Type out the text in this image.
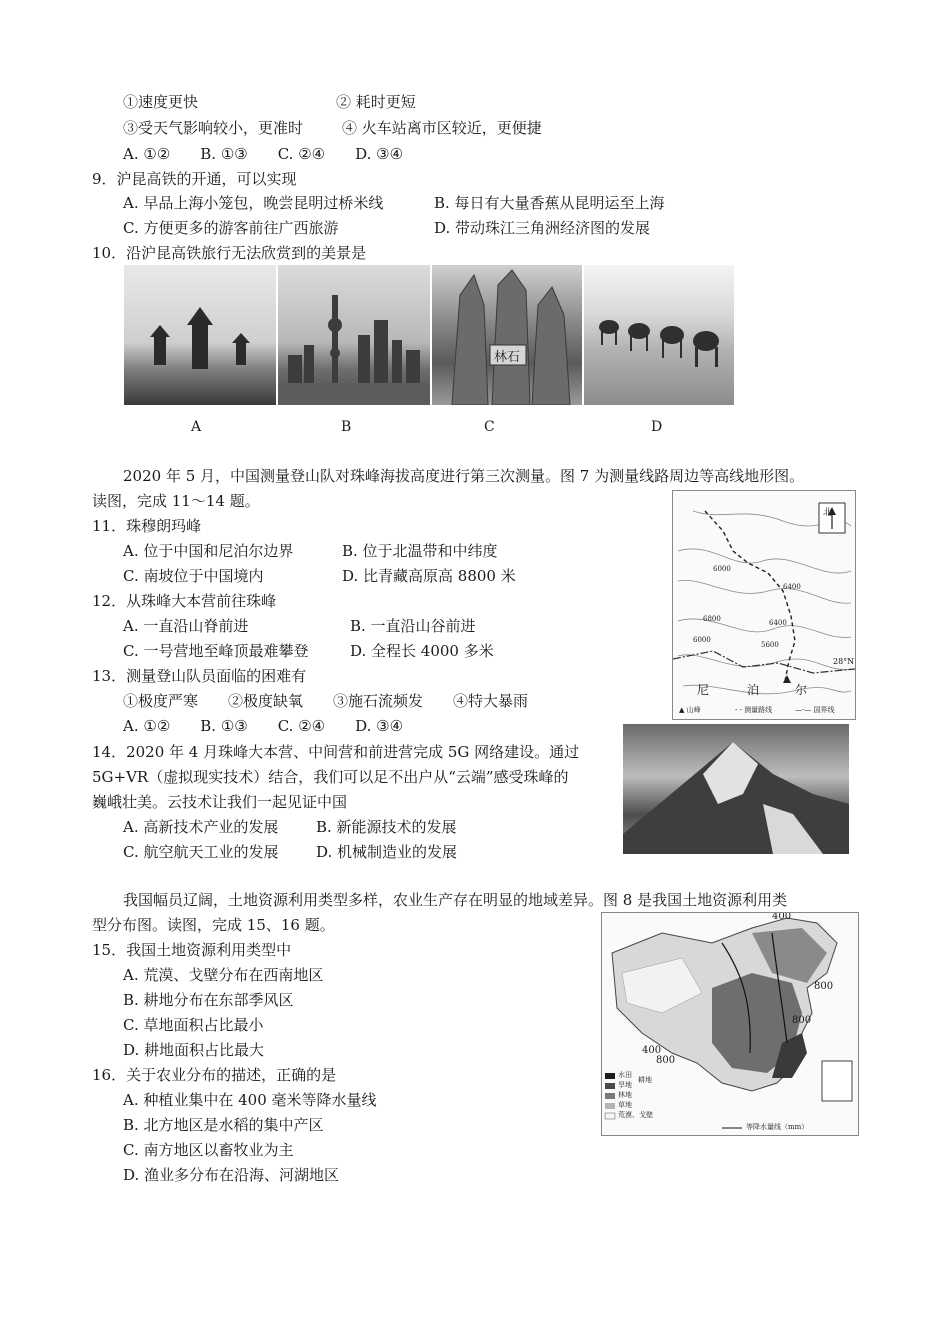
①速度更快	② 耗时更短
③受天气影响较小，更准时	④ 火车站离市区较近，更便捷
A. ①②　　B. ①③　　C. ②④　　D. ③④
9．沪昆高铁的开通，可以实现
A. 早品上海小笼包，晚尝昆明过桥米线	B. 每日有大量香蕉从昆明运至上海
C. 方便更多的游客前往广西旅游	D. 带动珠江三角洲经济图的发展
10．沿沪昆高铁旅行无法欣赏到的美景是
林石
A	B	C	D
2020 年 5 月，中国测量登山队对珠峰海拔高度进行第三次测量。图 7 为测量线路周边等高线地形图。
读图，完成 11～14 题。
11．珠穆朗玛峰
A. 位于中国和尼泊尔边界	B. 位于北温带和中纬度
C. 南坡位于中国境内	D. 比青藏高原高 8800 米
12．从珠峰大本营前往珠峰
A. 一直沿山脊前进	B. 一直沿山谷前进
C. 一号营地至峰顶最难攀登	D. 全程长 4000 多米
13．测量登山队员面临的困难有
①极度严寒　　②极度缺氧　　③施石流频发　　④特大暴雨
A. ①②　　B. ①③　　C. ②④　　D. ③④
北
28°N
尼	泊	尔
6000
6400
6800	6400
6000
5600
▲ 山峰	- - 测量路线	—·— 国界线
14．2020 年 4 月珠峰大本营、中间营和前进营完成 5G 网络建设。通过
5G+VR（虚拟现实技术）结合，我们可以足不出户从“云端”感受珠峰的
巍峨壮美。云技术让我们一起见证中国
A. 高新技术产业的发展	B. 新能源技术的发展
C. 航空航天工业的发展	D. 机械制造业的发展
我国幅员辽阔，土地资源利用类型多样，农业生产存在明显的地域差异。图 8 是我国土地资源利用类
型分布图。读图，完成 15、16 题。
15．我国土地资源利用类型中
A. 荒漠、戈壁分布在西南地区
B. 耕地分布在东部季风区
C. 草地面积占比最小
D. 耕地面积占比最大
16．关于农业分布的描述，正确的是
A. 种植业集中在 400 毫米等降水量线
B. 北方地区是水稻的集中产区
C. 南方地区以畜牧业为主
D. 渔业多分布在沿海、河湖地区
400
800
800
400
800
水田
旱地
耕地
林地
草地
荒漠、戈壁
等降水量线（mm）
